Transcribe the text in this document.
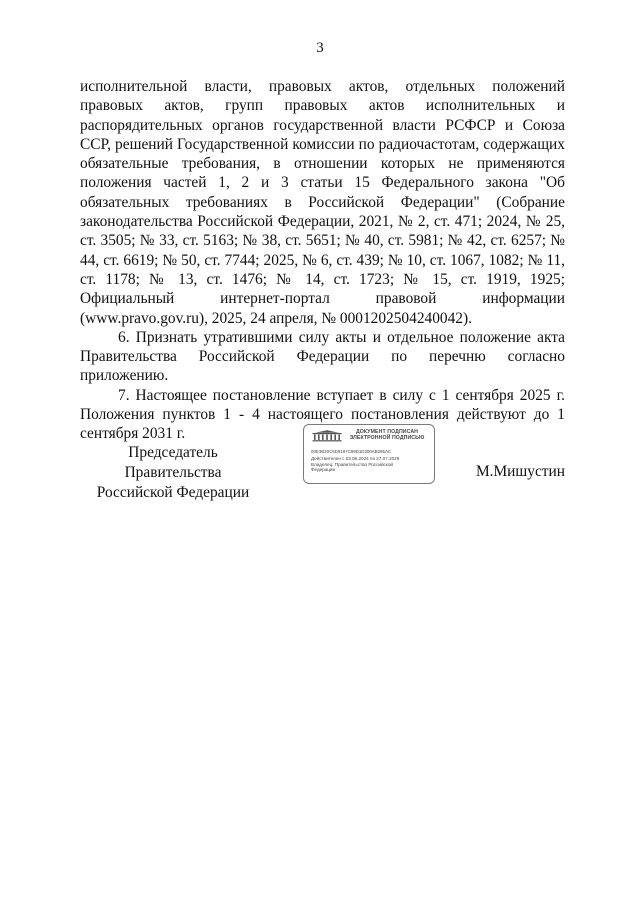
3

исполнительной власти, правовых актов, отдельных положений правовых актов, групп правовых актов исполнительных и распорядительных органов государственной власти РСФСР и Союза ССР, решений Государственной комиссии по радиочастотам, содержащих обязательные требования, в отношении которых не применяются положения частей 1, 2 и 3 статьи 15 Федерального закона "Об обязательных требованиях в Российской Федерации" (Собрание законодательства Российской Федерации, 2021, № 2, ст. 471; 2024, № 25, ст. 3505; № 33, ст. 5163; № 38, ст. 5651; № 40, ст. 5981; № 42, ст. 6257; № 44, ст. 6619; № 50, ст. 7744; 2025, № 6, ст. 439; № 10, ст. 1067, 1082; № 11, ст. 1178; № 13, ст. 1476; № 14, ст. 1723; № 15, ст. 1919, 1925; Официальный интернет-портал правовой информации (www.pravo.gov.ru), 2025, 24 апреля, № 0001202504240042).

6. Признать утратившими силу акты и отдельное положение акта Правительства Российской Федерации по перечню согласно приложению.

7. Настоящее постановление вступает в силу с 1 сентября 2025 г. Положения пунктов 1 - 4 настоящего постановления действуют до 1 сентября 2031 г.

Председатель Правительства
Российской Федерации
ДОКУМЕНТ ПОДПИСАН
ЭЛЕКТРОННОЙ ПОДПИСЬЮ
00E3B30C6D9197C99D1D200AB285AC
Действителен с 03.06.2024 по 27.07.2025
Владелец: Правительство Российской
Федерации	М.Мишустин
